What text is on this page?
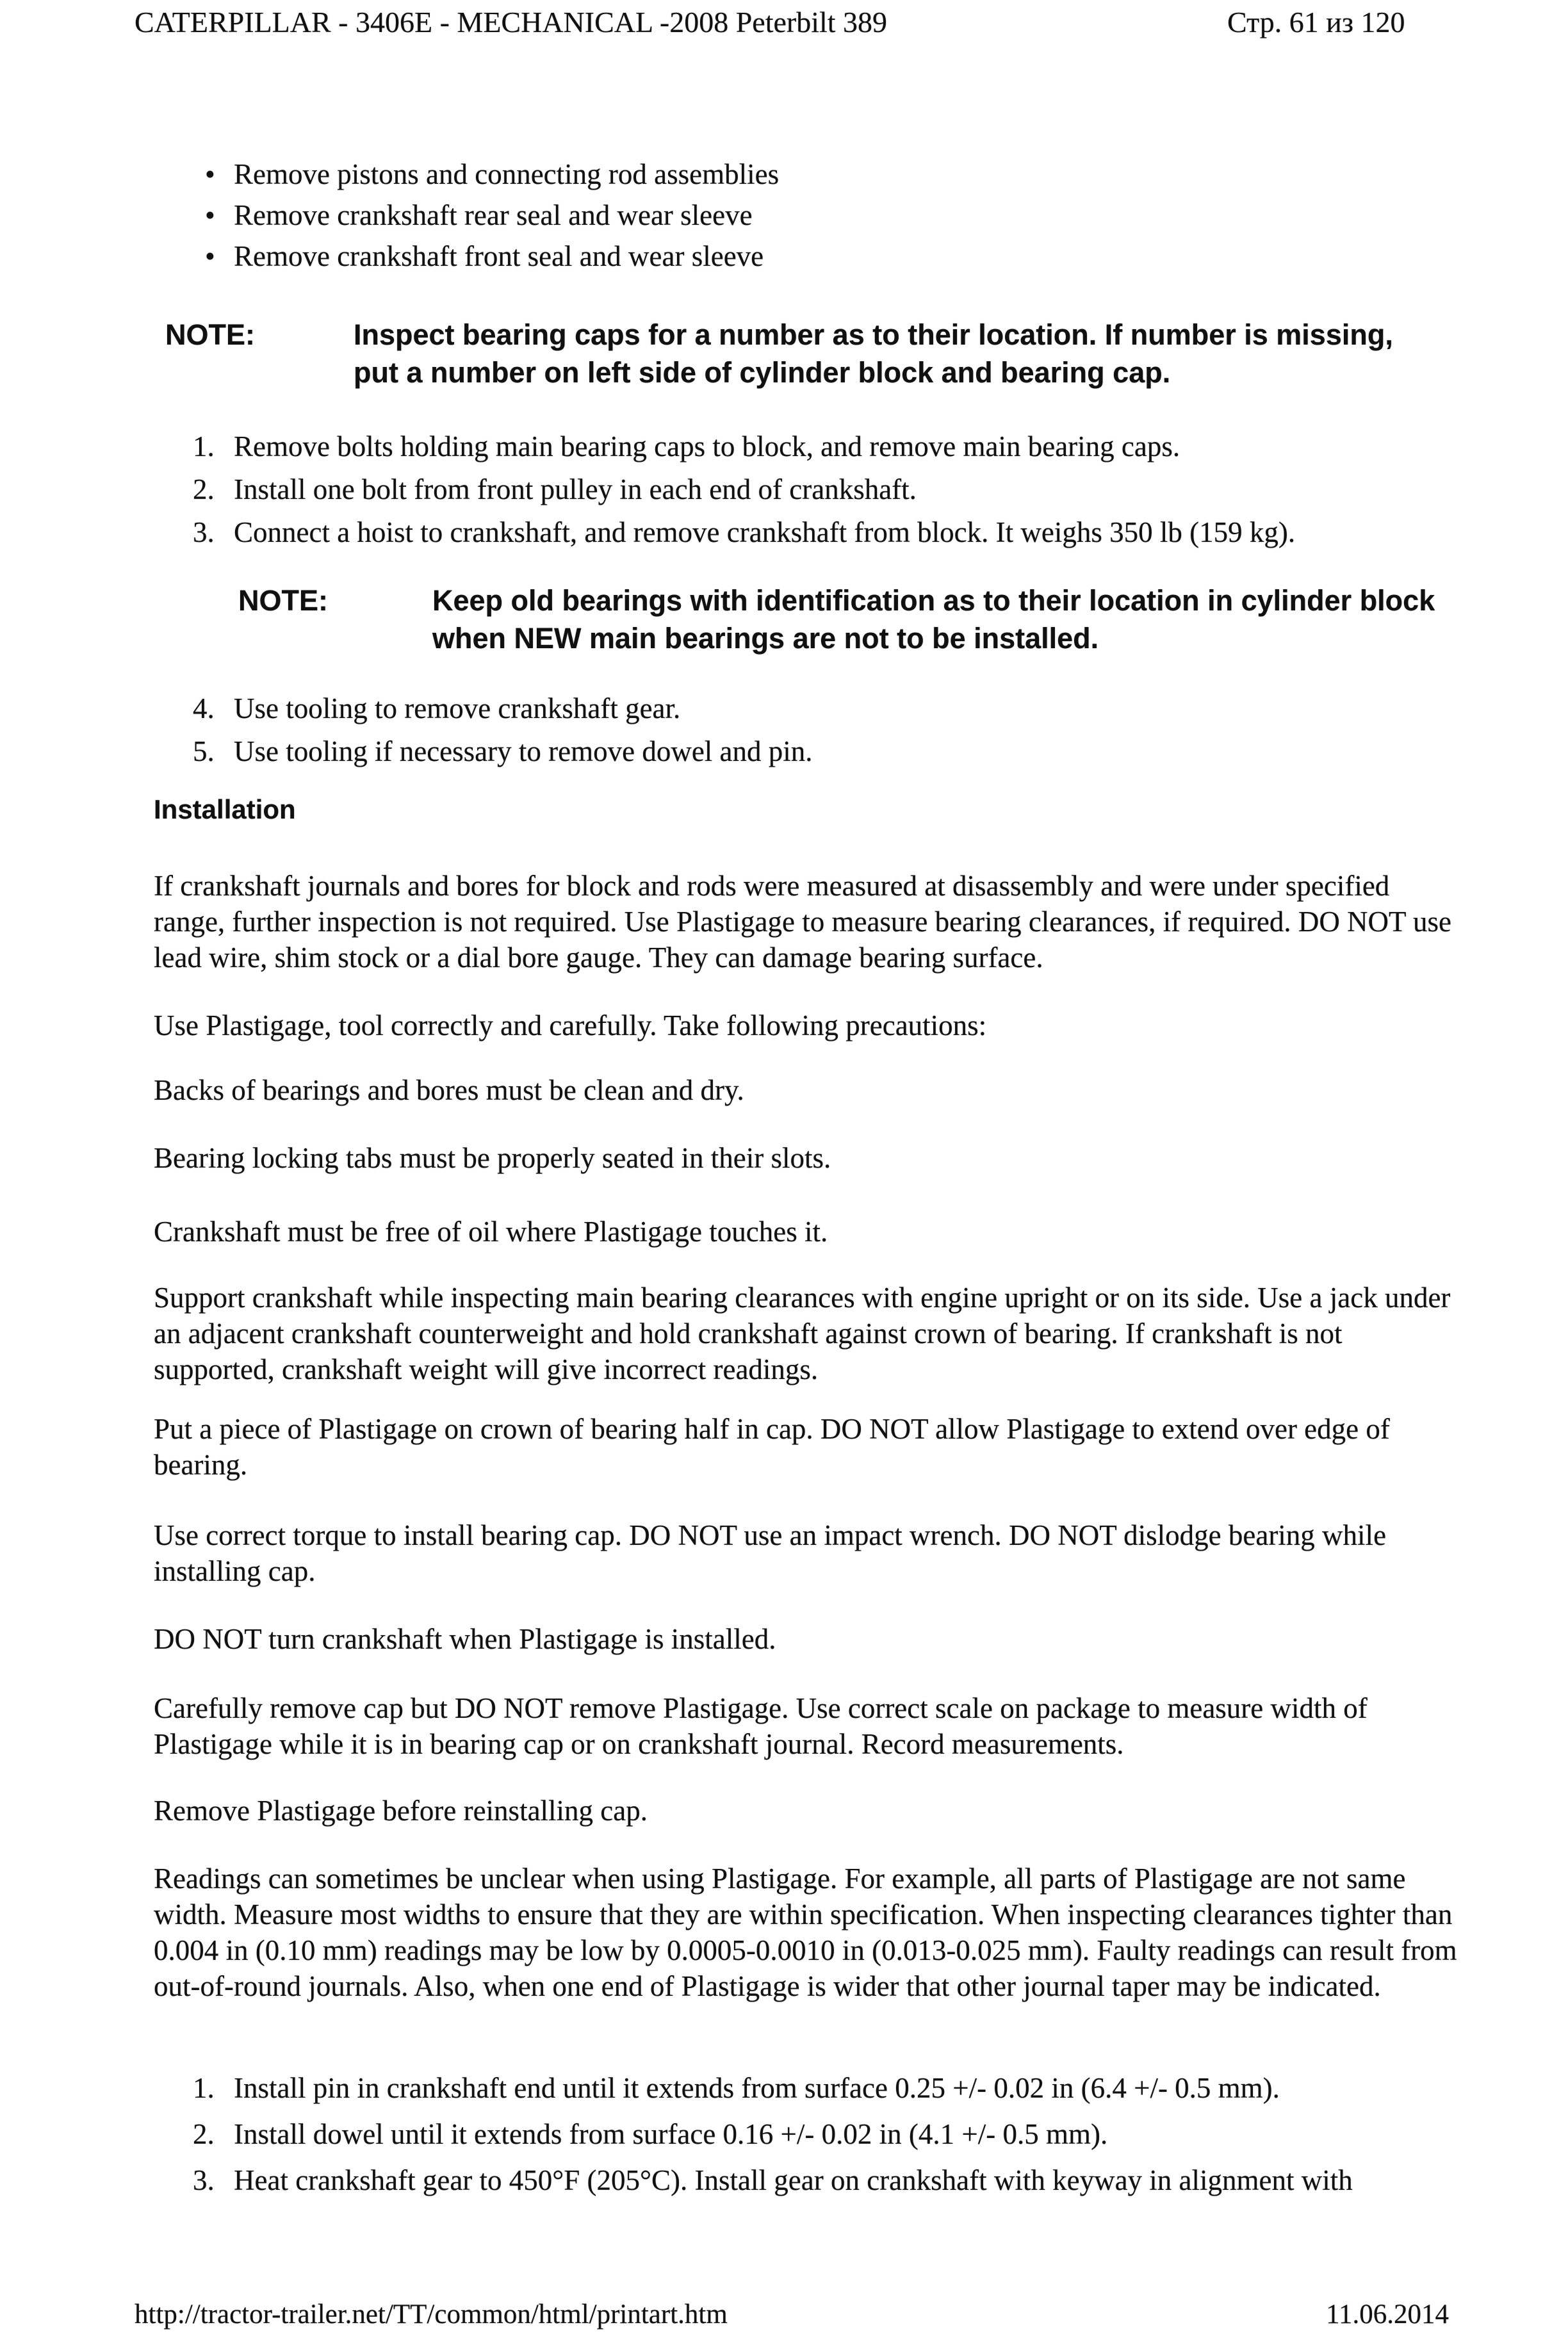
CATERPILLAR - 3406E - MECHANICAL -2008 Peterbilt 389	Стр. 61 из 120
• Remove pistons and connecting rod assemblies
• Remove crankshaft rear seal and wear sleeve
• Remove crankshaft front seal and wear sleeve
NOTE:	Inspect bearing caps for a number as to their location. If number is missing, put a number on left side of cylinder block and bearing cap.
1. Remove bolts holding main bearing caps to block, and remove main bearing caps.
2. Install one bolt from front pulley in each end of crankshaft.
3. Connect a hoist to crankshaft, and remove crankshaft from block. It weighs 350 lb (159 kg).
NOTE:	Keep old bearings with identification as to their location in cylinder block when NEW main bearings are not to be installed.
4. Use tooling to remove crankshaft gear.
5. Use tooling if necessary to remove dowel and pin.
Installation

If crankshaft journals and bores for block and rods were measured at disassembly and were under specified range, further inspection is not required. Use Plastigage to measure bearing clearances, if required. DO NOT use lead wire, shim stock or a dial bore gauge. They can damage bearing surface.

Use Plastigage, tool correctly and carefully. Take following precautions:

Backs of bearings and bores must be clean and dry.

Bearing locking tabs must be properly seated in their slots.

Crankshaft must be free of oil where Plastigage touches it.

Support crankshaft while inspecting main bearing clearances with engine upright or on its side. Use a jack under an adjacent crankshaft counterweight and hold crankshaft against crown of bearing. If crankshaft is not supported, crankshaft weight will give incorrect readings.

Put a piece of Plastigage on crown of bearing half in cap. DO NOT allow Plastigage to extend over edge of bearing.

Use correct torque to install bearing cap. DO NOT use an impact wrench. DO NOT dislodge bearing while installing cap.

DO NOT turn crankshaft when Plastigage is installed.

Carefully remove cap but DO NOT remove Plastigage. Use correct scale on package to measure width of Plastigage while it is in bearing cap or on crankshaft journal. Record measurements.

Remove Plastigage before reinstalling cap.

Readings can sometimes be unclear when using Plastigage. For example, all parts of Plastigage are not same width. Measure most widths to ensure that they are within specification. When inspecting clearances tighter than 0.004 in (0.10 mm) readings may be low by 0.0005-0.0010 in (0.013-0.025 mm). Faulty readings can result from out-of-round journals. Also, when one end of Plastigage is wider that other journal taper may be indicated.

1. Install pin in crankshaft end until it extends from surface 0.25 +/- 0.02 in (6.4 +/- 0.5 mm).
2. Install dowel until it extends from surface 0.16 +/- 0.02 in (4.1 +/- 0.5 mm).
3. Heat crankshaft gear to 450°F (205°C). Install gear on crankshaft with keyway in alignment with
http://tractor-trailer.net/TT/common/html/printart.htm	11.06.2014
